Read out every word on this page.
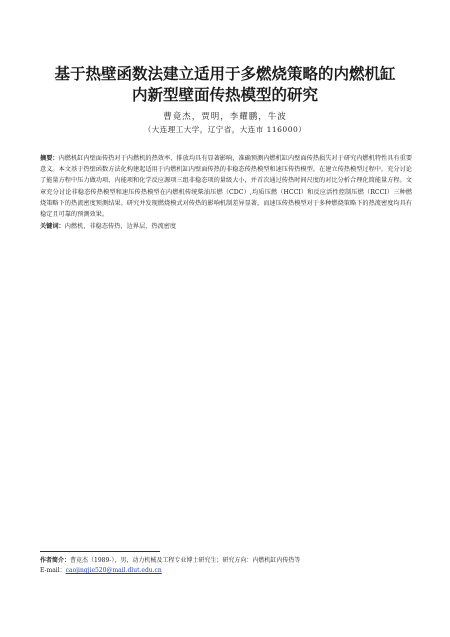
基于热壁函数法建立适用于多燃烧策略的内燃机缸
内新型壁面传热模型的研究
曹竟杰，贾明，李耀鹏，牛波
（大连理工大学，辽宁省，大连市 116000）
摘要：内燃机缸内壁面传热对于内燃机的热效率、排放均具有显著影响，准确预测内燃机缸内壁面传热损失对于研究内燃机特性具有重要意义。本文基于热壁函数方法化构建起适用于内燃机缸内壁面传热的非稳态传热模型和速压传热模型。在建立传热模型过程中，充分讨论了能量方程中压力做功项、内能项和化学反应源项三组非稳态项的量级大小，并首次通过传热时间尺度的对比分析合理化简能量方程。文章充分讨论非稳态传热模型和速压传热模型在内燃机传统柴油压燃（CDC）,均质压燃（HCCI）和反应活性控制压燃（RCCI）三种燃烧策略下的热流密度预测结果。研究并发现燃烧模式对传热的影响机制差异显著，而速压传热模型对于多种燃烧策略下的热流密度均具有稳定且可靠的预测效果。
关键词：内燃机，非稳态传热，边界层，热流密度
作者简介：曹竟杰（1989-），男，动力机械及工程专业博士研究生；研究方向：内燃机缸内传热等
E-mail：caojingjie520@mail.dlut.edu.cn
